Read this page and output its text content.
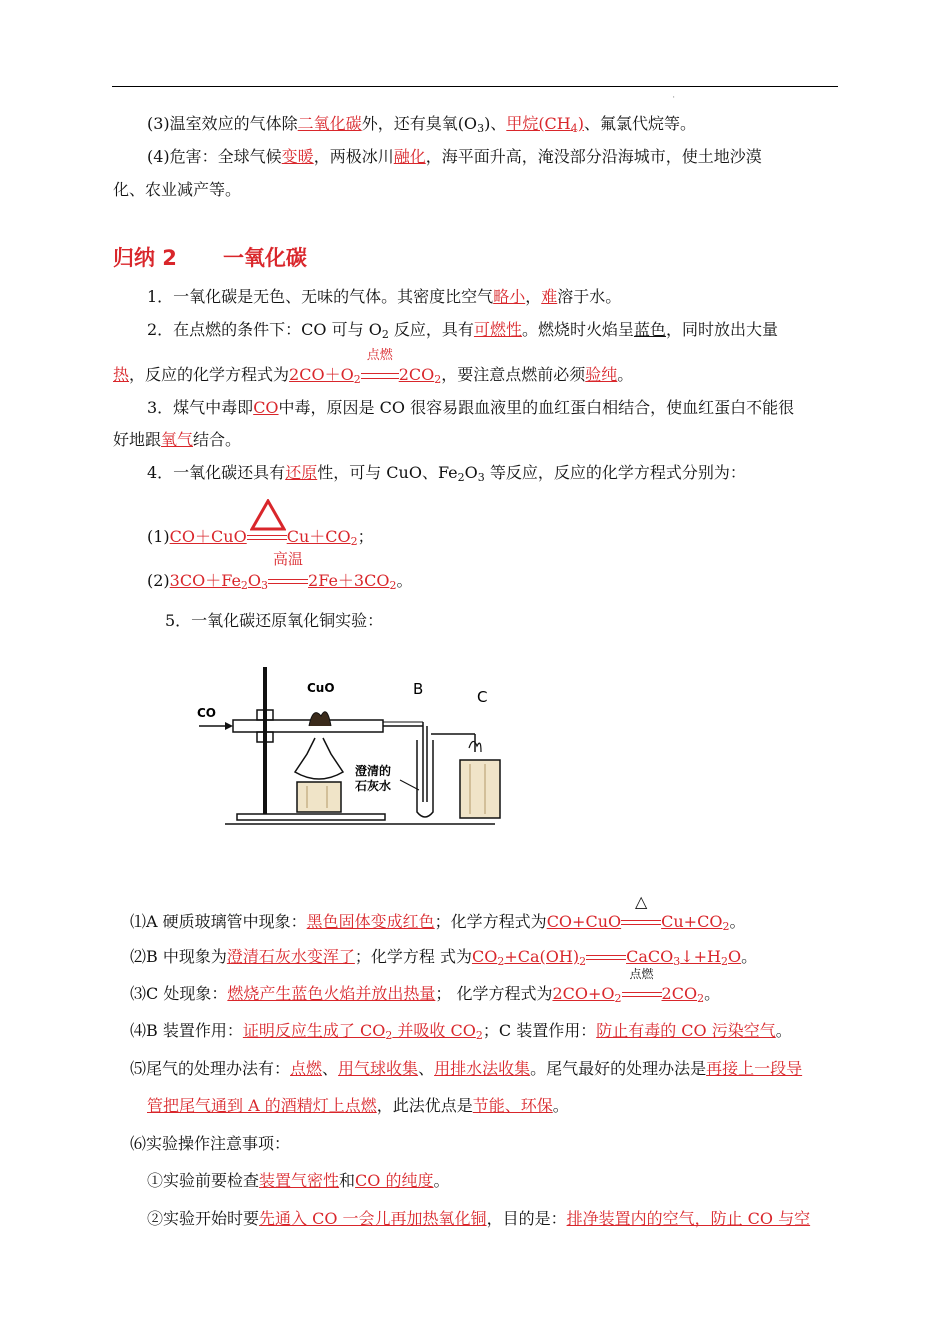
'
(3)温室效应的气体除二氧化碳外，还有臭氧$(O_3)$、甲烷$(CH_4)$、氟氯代烷等。
(4)危害：全球气候变暖，两极冰川融化，海平面升高，淹没部分沿海城市，使土地沙漠
化、农业减产等。
归纳 2 一氧化碳
1．一氧化碳是无色、无味的气体。其密度比空气略小，难溶于水。
2．在点燃的条件下：CO 可与 $O_2$ 反应，具有可燃性。燃烧时火焰呈蓝色，同时放出大量
热，反应的化学方程式为$2CO+O_2$
点燃
$2CO_2$，要注意点燃前必须验纯。
3．煤气中毒即CO中毒，原因是 CO 很容易跟血液里的血红蛋白相结合，使血红蛋白不能很
好地跟氧气结合。
4．一氧化碳还具有还原性，可与 CuO、$Fe_2O_3$ 等反应，反应的化学方程式分别为：
(1)CO＋CuO	$Cu+CO_2$；
$(2)3CO+Fe_2O_3$
高温
$2Fe+3CO_2$。
5．一氧化碳还原氧化铜实验：
CO
CuO	B	C
澄清的
石灰水
⑴A 硬质玻璃管中现象：黑色固体变成红色；化学方程式为CO+CuO
△
$Cu+CO_2$。
⑵B 中现象为澄清石灰水变浑了；化学方程 式为$CO_2+Ca(OH)_2$	$CaCO_3↓+H_2O$。
⑶C 处现象：燃烧产生蓝色火焰并放出热量； 化学方程式为$2CO+O_2$
点燃
$2CO_2$。
⑷B 装置作用：证明反应生成了 $CO_2$ 并吸收 $CO_2$；C 装置作用：防止有毒的 CO 污染空气。
⑸尾气的处理办法有：点燃、用气球收集、用排水法收集。尾气最好的处理办法是再接上一段导
管把尾气通到 A 的酒精灯上点燃，此法优点是节能、环保。
⑹实验操作注意事项：
①实验前要检查装置气密性和CO 的纯度。
②实验开始时要先通入 CO 一会儿再加热氧化铜，目的是：排净装置内的空气，防止 CO 与空
